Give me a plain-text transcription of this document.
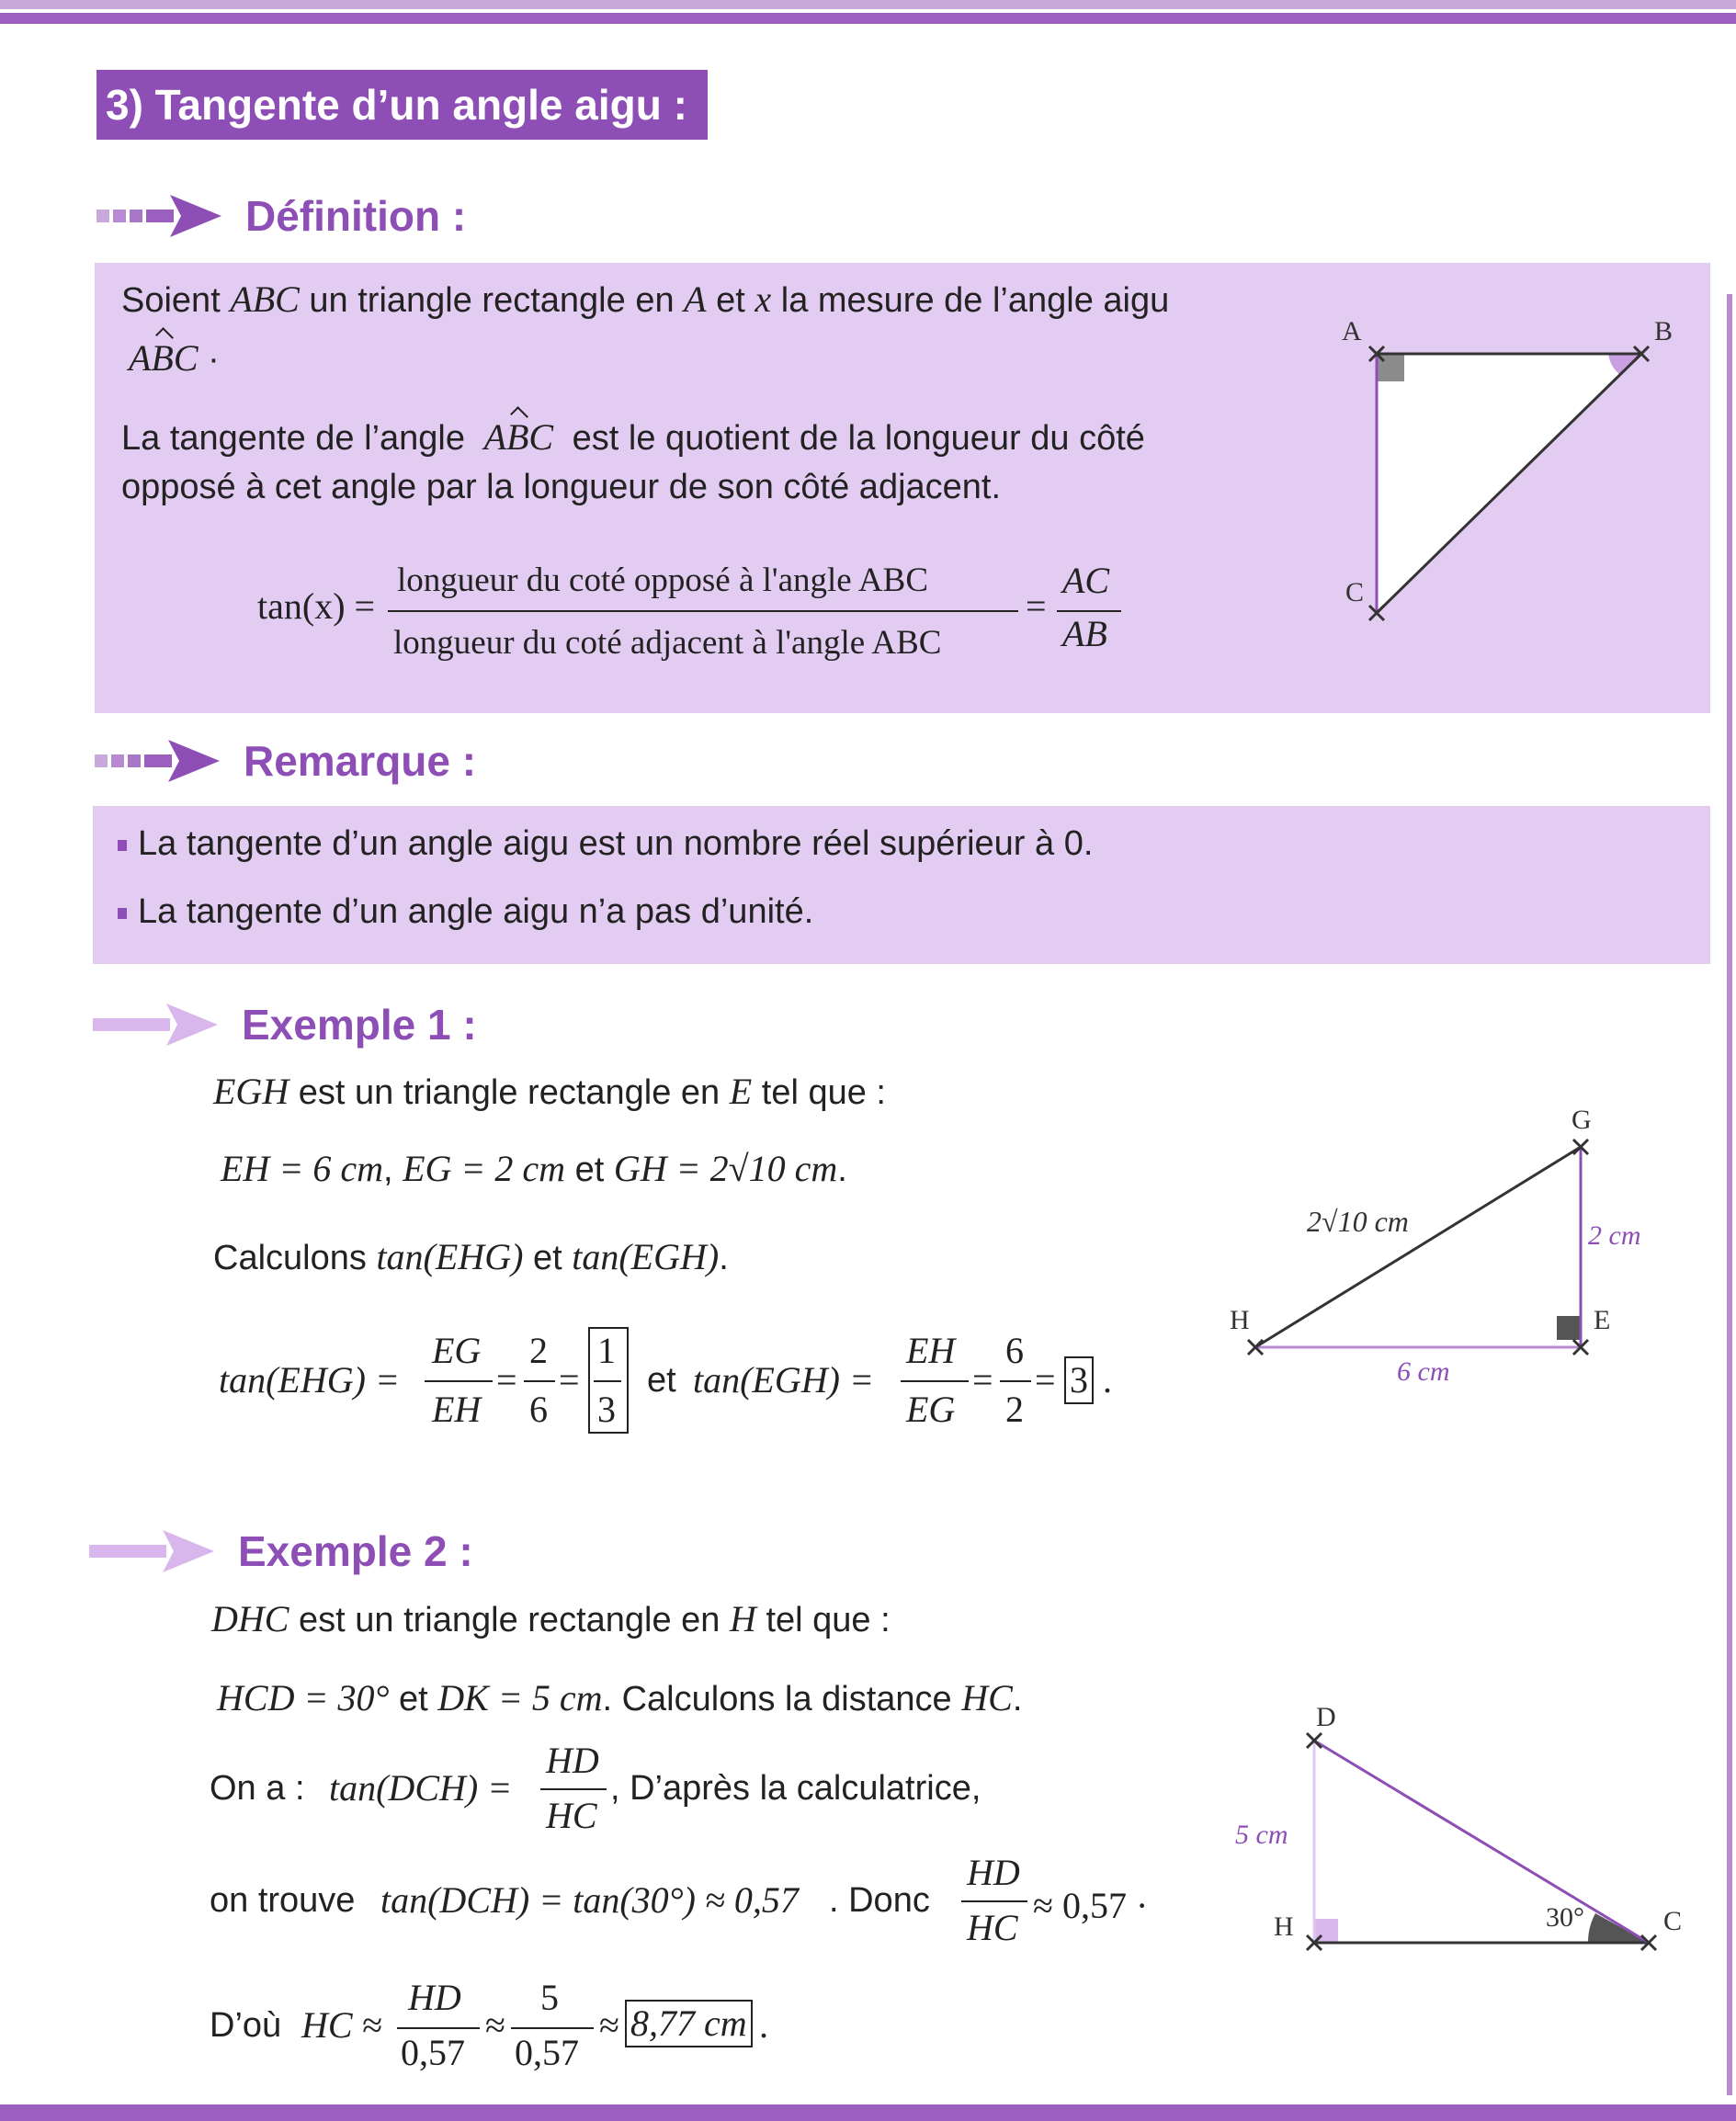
3) Tangente d’un angle aigu :
Définition :
Soient ABC un triangle rectangle en A et x la mesure de l’angle aigu
ABC ·
La tangente de l’angle ABC est le quotient de la longueur du côté
opposé à cet angle par la longueur de son côté adjacent.
tan(x) =
longueur du coté opposé à l'angle ABC
longueur du coté adjacent à l'angle ABC
=
AC
AB
A	B
C
Remarque :
La tangente d’un angle aigu est un nombre réel supérieur à 0.
La tangente d’un angle aigu n’a pas d’unité.
Exemple 1 :
EGH est un triangle rectangle en E tel que :
EH = 6 cm, EG = 2 cm et GH = 2√10 cm.
Calculons tan(EHG) et tan(EGH).
tan(EHG) =
EG
EH
=
2
6
=
1
3
et tan(EGH) =
EH
EG
=
6
2
= 3 .
G
H	E
2√10 cm	2 cm
6 cm
Exemple 2 :
DHC est un triangle rectangle en H tel que :
HCD = 30° et DK = 5 cm. Calculons la distance HC.
On a : tan(DCH) =
HD
HC
, D’après la calculatrice,
on trouve tan(DCH) = tan(30°) ≈ 0,57 . Donc
HD
HC
≈ 0,57 ·
D’où HC ≈
HD
0,57
≈
5
0,57
≈ 8,77 cm .
D
H	C
5 cm
30°
